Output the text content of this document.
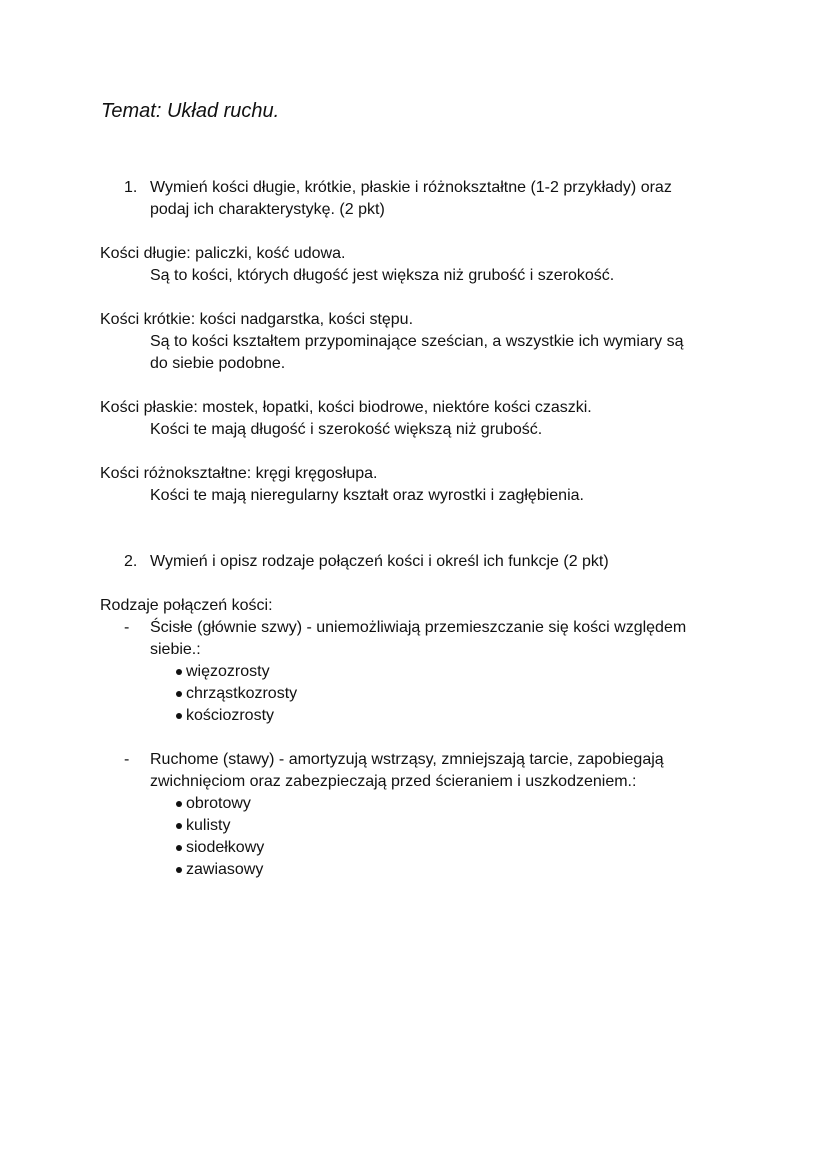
Temat: Układ ruchu.
1. Wymień kości długie, krótkie, płaskie i różnokształtne (1-2 przykłady) oraz
podaj ich charakterystykę. (2 pkt)
Kości długie: paliczki, kość udowa.
Są to kości, których długość jest większa niż grubość i szerokość.
Kości krótkie: kości nadgarstka, kości stępu.
Są to kości kształtem przypominające sześcian, a wszystkie ich wymiary są
do siebie podobne.
Kości płaskie: mostek, łopatki, kości biodrowe, niektóre kości czaszki.
Kości te mają długość i szerokość większą niż grubość.
Kości różnokształtne: kręgi kręgosłupa.
Kości te mają nieregularny kształt oraz wyrostki i zagłębienia.
2. Wymień i opisz rodzaje połączeń kości i określ ich funkcje (2 pkt)
Rodzaje połączeń kości:
- Ścisłe (głównie szwy) - uniemożliwiają przemieszczanie się kości względem
siebie.:
więzozrosty
chrząstkozrosty
kościozrosty
- Ruchome (stawy) - amortyzują wstrząsy, zmniejszają tarcie, zapobiegają
zwichnięciom oraz zabezpieczają przed ścieraniem i uszkodzeniem.:
obrotowy
kulisty
siodełkowy
zawiasowy
